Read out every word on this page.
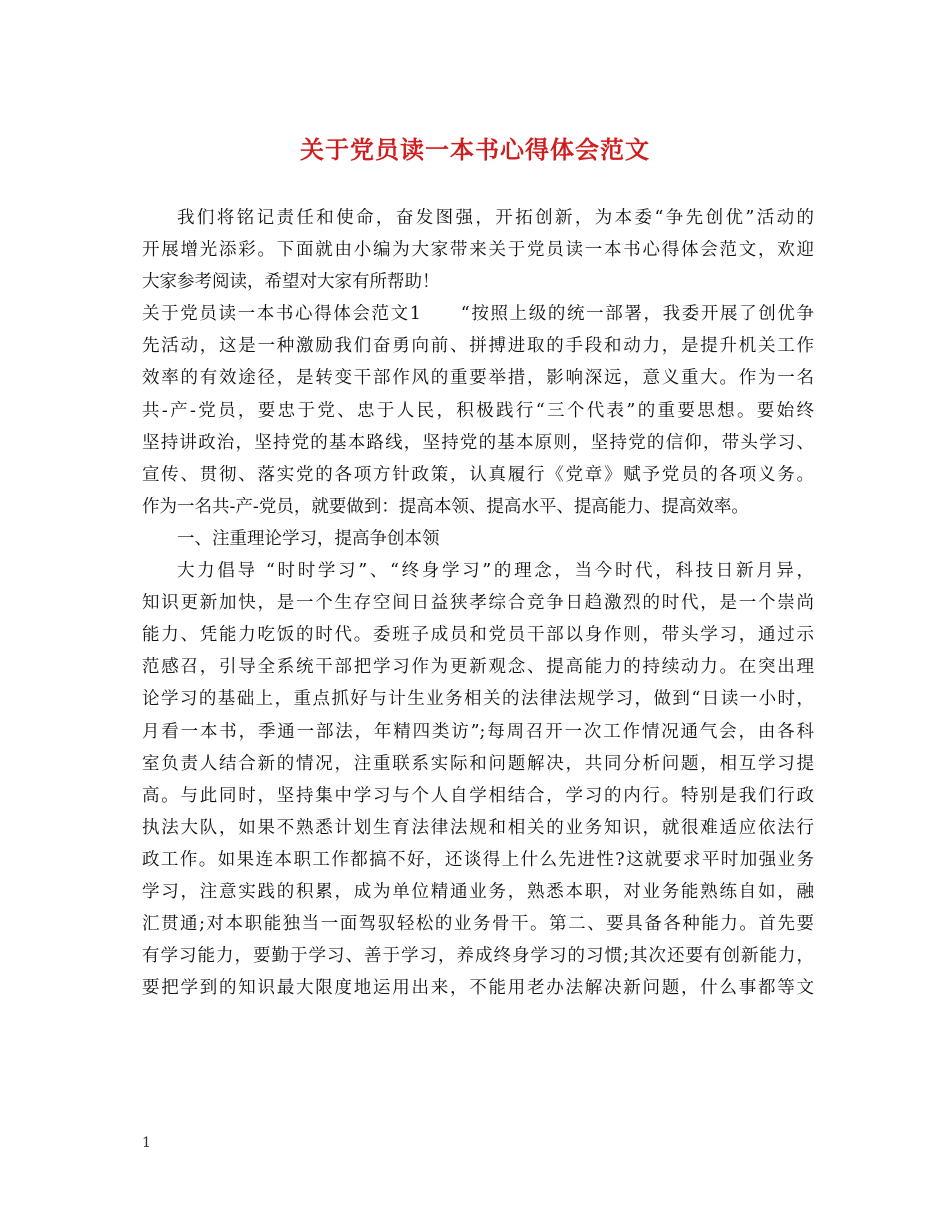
关于党员读一本书心得体会范文
我们将铭记责任和使命，奋发图强，开拓创新，为本委“争先创优”活动的
开展增光添彩。下面就由小编为大家带来关于党员读一本书心得体会范文，欢迎
大家参考阅读，希望对大家有所帮助！
关于党员读一本书心得体会范文1　　“按照上级的统一部署，我委开展了创优争
先活动，这是一种激励我们奋勇向前、拼搏进取的手段和动力，是提升机关工作
效率的有效途径，是转变干部作风的重要举措，影响深远，意义重大。作为一名
共-产-党员，要忠于党、忠于人民，积极践行“三个代表”的重要思想。要始终
坚持讲政治，坚持党的基本路线，坚持党的基本原则，坚持党的信仰，带头学习、
宣传、贯彻、落实党的各项方针政策，认真履行《党章》赋予党员的各项义务。
作为一名共-产-党员，就要做到：提高本领、提高水平、提高能力、提高效率。
一、注重理论学习，提高争创本领
大力倡导 “时时学习”、“终身学习”的理念，当今时代，科技日新月异，
知识更新加快，是一个生存空间日益狭孝综合竞争日趋激烈的时代，是一个崇尚
能力、凭能力吃饭的时代。委班子成员和党员干部以身作则，带头学习，通过示
范感召，引导全系统干部把学习作为更新观念、提高能力的持续动力。在突出理
论学习的基础上，重点抓好与计生业务相关的法律法规学习，做到“日读一小时，
月看一本书，季通一部法，年精四类访”;每周召开一次工作情况通气会，由各科
室负责人结合新的情况，注重联系实际和问题解决，共同分析问题，相互学习提
高。与此同时，坚持集中学习与个人自学相结合，学习的内行。特别是我们行政
执法大队，如果不熟悉计划生育法律法规和相关的业务知识，就很难适应依法行
政工作。如果连本职工作都搞不好，还谈得上什么先进性?这就要求平时加强业务
学习，注意实践的积累，成为单位精通业务，熟悉本职，对业务能熟练自如，融
汇贯通;对本职能独当一面驾驭轻松的业务骨干。第二、要具备各种能力。首先要
有学习能力，要勤于学习、善于学习，养成终身学习的习惯;其次还要有创新能力，
要把学到的知识最大限度地运用出来，不能用老办法解决新问题，什么事都等文
1
